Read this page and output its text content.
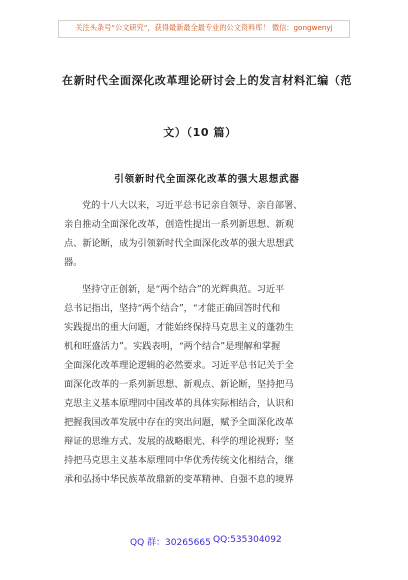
关注头条号“公文研究”，获得最新最全最专业的公文资料库！ 微信：gongwenyj
在新时代全面深化改革理论研讨会上的发言材料汇编（范
文）（10 篇）
引领新时代全面深化改革的强大思想武器
党的十八大以来，习近平总书记亲自领导、亲自部署、
亲自推动全面深化改革，创造性提出一系列新思想、新观
点、新论断，成为引领新时代全面深化改革的强大思想武
器。
坚持守正创新，是“两个结合”的光辉典范。习近平
总书记指出，坚持“两个结合”，“才能正确回答时代和
实践提出的重大问题，才能始终保持马克思主义的蓬勃生
机和旺盛活力”。实践表明，“两个结合”是理解和掌握
全面深化改革理论逻辑的必然要求。习近平总书记关于全
面深化改革的一系列新思想、新观点、新论断，坚持把马
克思主义基本原理同中国改革的具体实际相结合，认识和
把握我国改革发展中存在的突出问题，赋予全面深化改革
辩证的思维方式、发展的战略眼光、科学的理论视野；坚
持把马克思主义基本原理同中华优秀传统文化相结合，继
承和弘扬中华民族革故鼎新的变革精神、自强不息的境界
QQ 群：30265665 QQ:535304092
